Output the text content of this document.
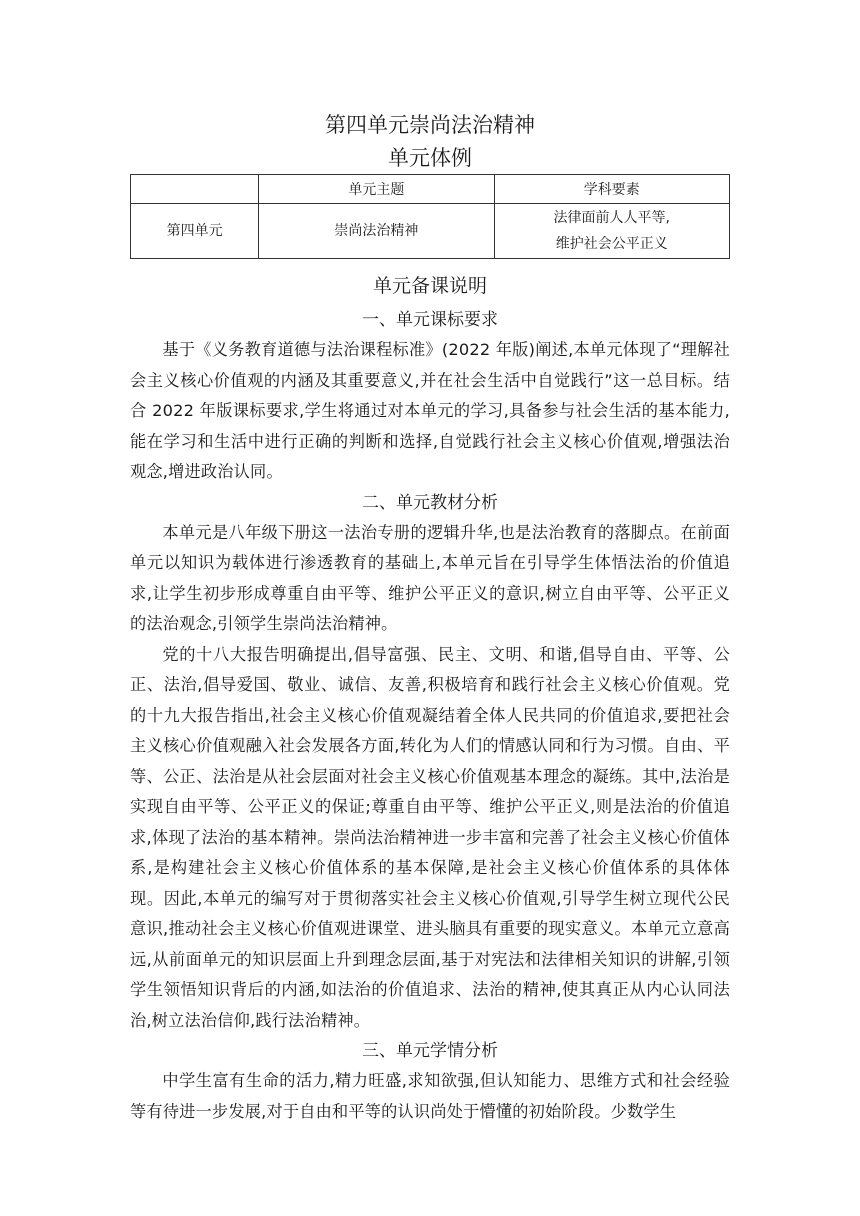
第四单元崇尚法治精神
单元体例
	单元主题	学科要素
第四单元	崇尚法治精神	法律面前人人平等,
维护社会公平正义
单元备课说明
一、单元课标要求

基于《义务教育道德与法治课程标准》(2022 年版)阐述,本单元体现了“理解社会主义核心价值观的内涵及其重要意义,并在社会生活中自觉践行”这一总目标。结合 2022 年版课标要求,学生将通过对本单元的学习,具备参与社会生活的基本能力,能在学习和生活中进行正确的判断和选择,自觉践行社会主义核心价值观,增强法治观念,增进政治认同。

二、单元教材分析

本单元是八年级下册这一法治专册的逻辑升华,也是法治教育的落脚点。在前面单元以知识为载体进行渗透教育的基础上,本单元旨在引导学生体悟法治的价值追求,让学生初步形成尊重自由平等、维护公平正义的意识,树立自由平等、公平正义的法治观念,引领学生崇尚法治精神。

党的十八大报告明确提出,倡导富强、民主、文明、和谐,倡导自由、平等、公正、法治,倡导爱国、敬业、诚信、友善,积极培育和践行社会主义核心价值观。党的十九大报告指出,社会主义核心价值观凝结着全体人民共同的价值追求,要把社会主义核心价值观融入社会发展各方面,转化为人们的情感认同和行为习惯。自由、平等、公正、法治是从社会层面对社会主义核心价值观基本理念的凝练。其中,法治是实现自由平等、公平正义的保证;尊重自由平等、维护公平正义,则是法治的价值追求,体现了法治的基本精神。崇尚法治精神进一步丰富和完善了社会主义核心价值体系,是构建社会主义核心价值体系的基本保障,是社会主义核心价值体系的具体体现。因此,本单元的编写对于贯彻落实社会主义核心价值观,引导学生树立现代公民意识,推动社会主义核心价值观进课堂、进头脑具有重要的现实意义。本单元立意高远,从前面单元的知识层面上升到理念层面,基于对宪法和法律相关知识的讲解,引领学生领悟知识背后的内涵,如法治的价值追求、法治的精神,使其真正从内心认同法治,树立法治信仰,践行法治精神。

三、单元学情分析

中学生富有生命的活力,精力旺盛,求知欲强,但认知能力、思维方式和社会经验等有待进一步发展,对于自由和平等的认识尚处于懵懂的初始阶段。少数学生
